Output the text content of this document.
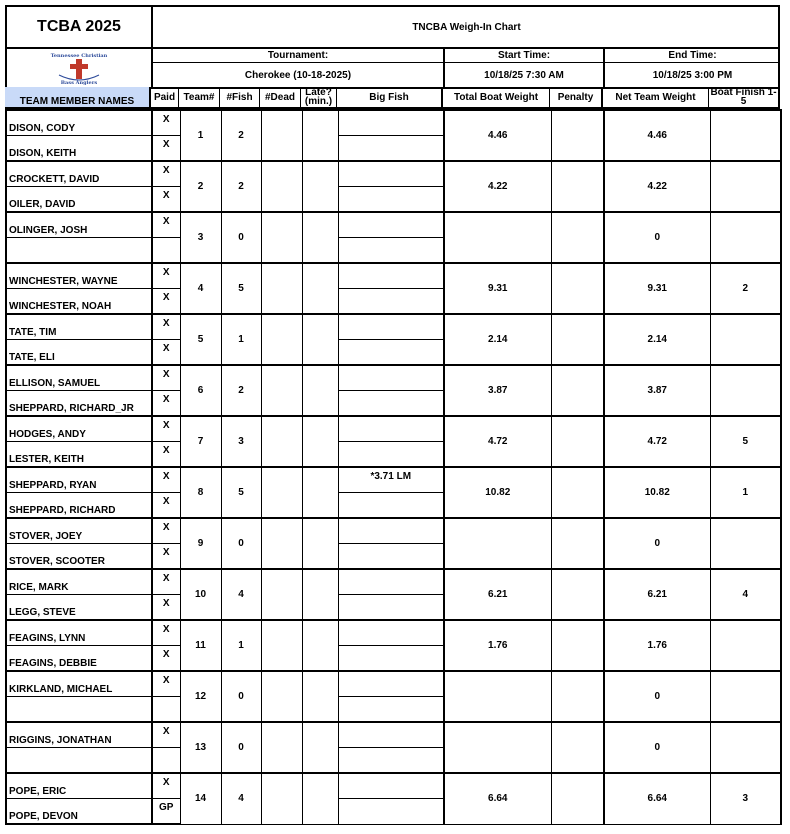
TCBA 2025	TNCBA Weigh-In Chart
Tennessee Christian
Bass Anglers
Tournament:
Cherokee (10-18-2025)
Start Time:
10/18/25 7:30 AM
End Time:
10/18/25 3:00 PM
TEAM MEMBER NAMES	Paid Team#	#Fish	#Dead	Late? (min.)	Big Fish	Total Boat Weight	Penalty	Net Team Weight	Boat Finish 1-5
DISON, CODY	X	1	2				4.46		4.46	
DISON, KEITH	X									
CROCKETT, DAVID	X	2	2				4.22		4.22	
OILER, DAVID	X									
OLINGER, JOSH	X	3	0						0	

WINCHESTER, WAYNE	X	4	5				9.31		9.31	2
WINCHESTER, NOAH	X									
TATE, TIM	X	5	1				2.14		2.14	
TATE, ELI	X									
ELLISON, SAMUEL	X	6	2				3.87		3.87	
SHEPPARD, RICHARD_JR	X									
HODGES, ANDY	X	7	3				4.72		4.72	5
LESTER, KEITH	X									
SHEPPARD, RYAN	X	8	5			*3.71 LM	10.82		10.82	1
SHEPPARD, RICHARD	X									
STOVER, JOEY	X	9	0						0	
STOVER, SCOOTER	X									
RICE, MARK	X	10	4				6.21		6.21	4
LEGG, STEVE	X									
FEAGINS, LYNN	X	11	1				1.76		1.76	
FEAGINS, DEBBIE	X									
KIRKLAND, MICHAEL	X	12	0						0	

RIGGINS, JONATHAN	X	13	0						0	

POPE, ERIC	X	14	4				6.64		6.64	3
POPE, DEVON	GP									
